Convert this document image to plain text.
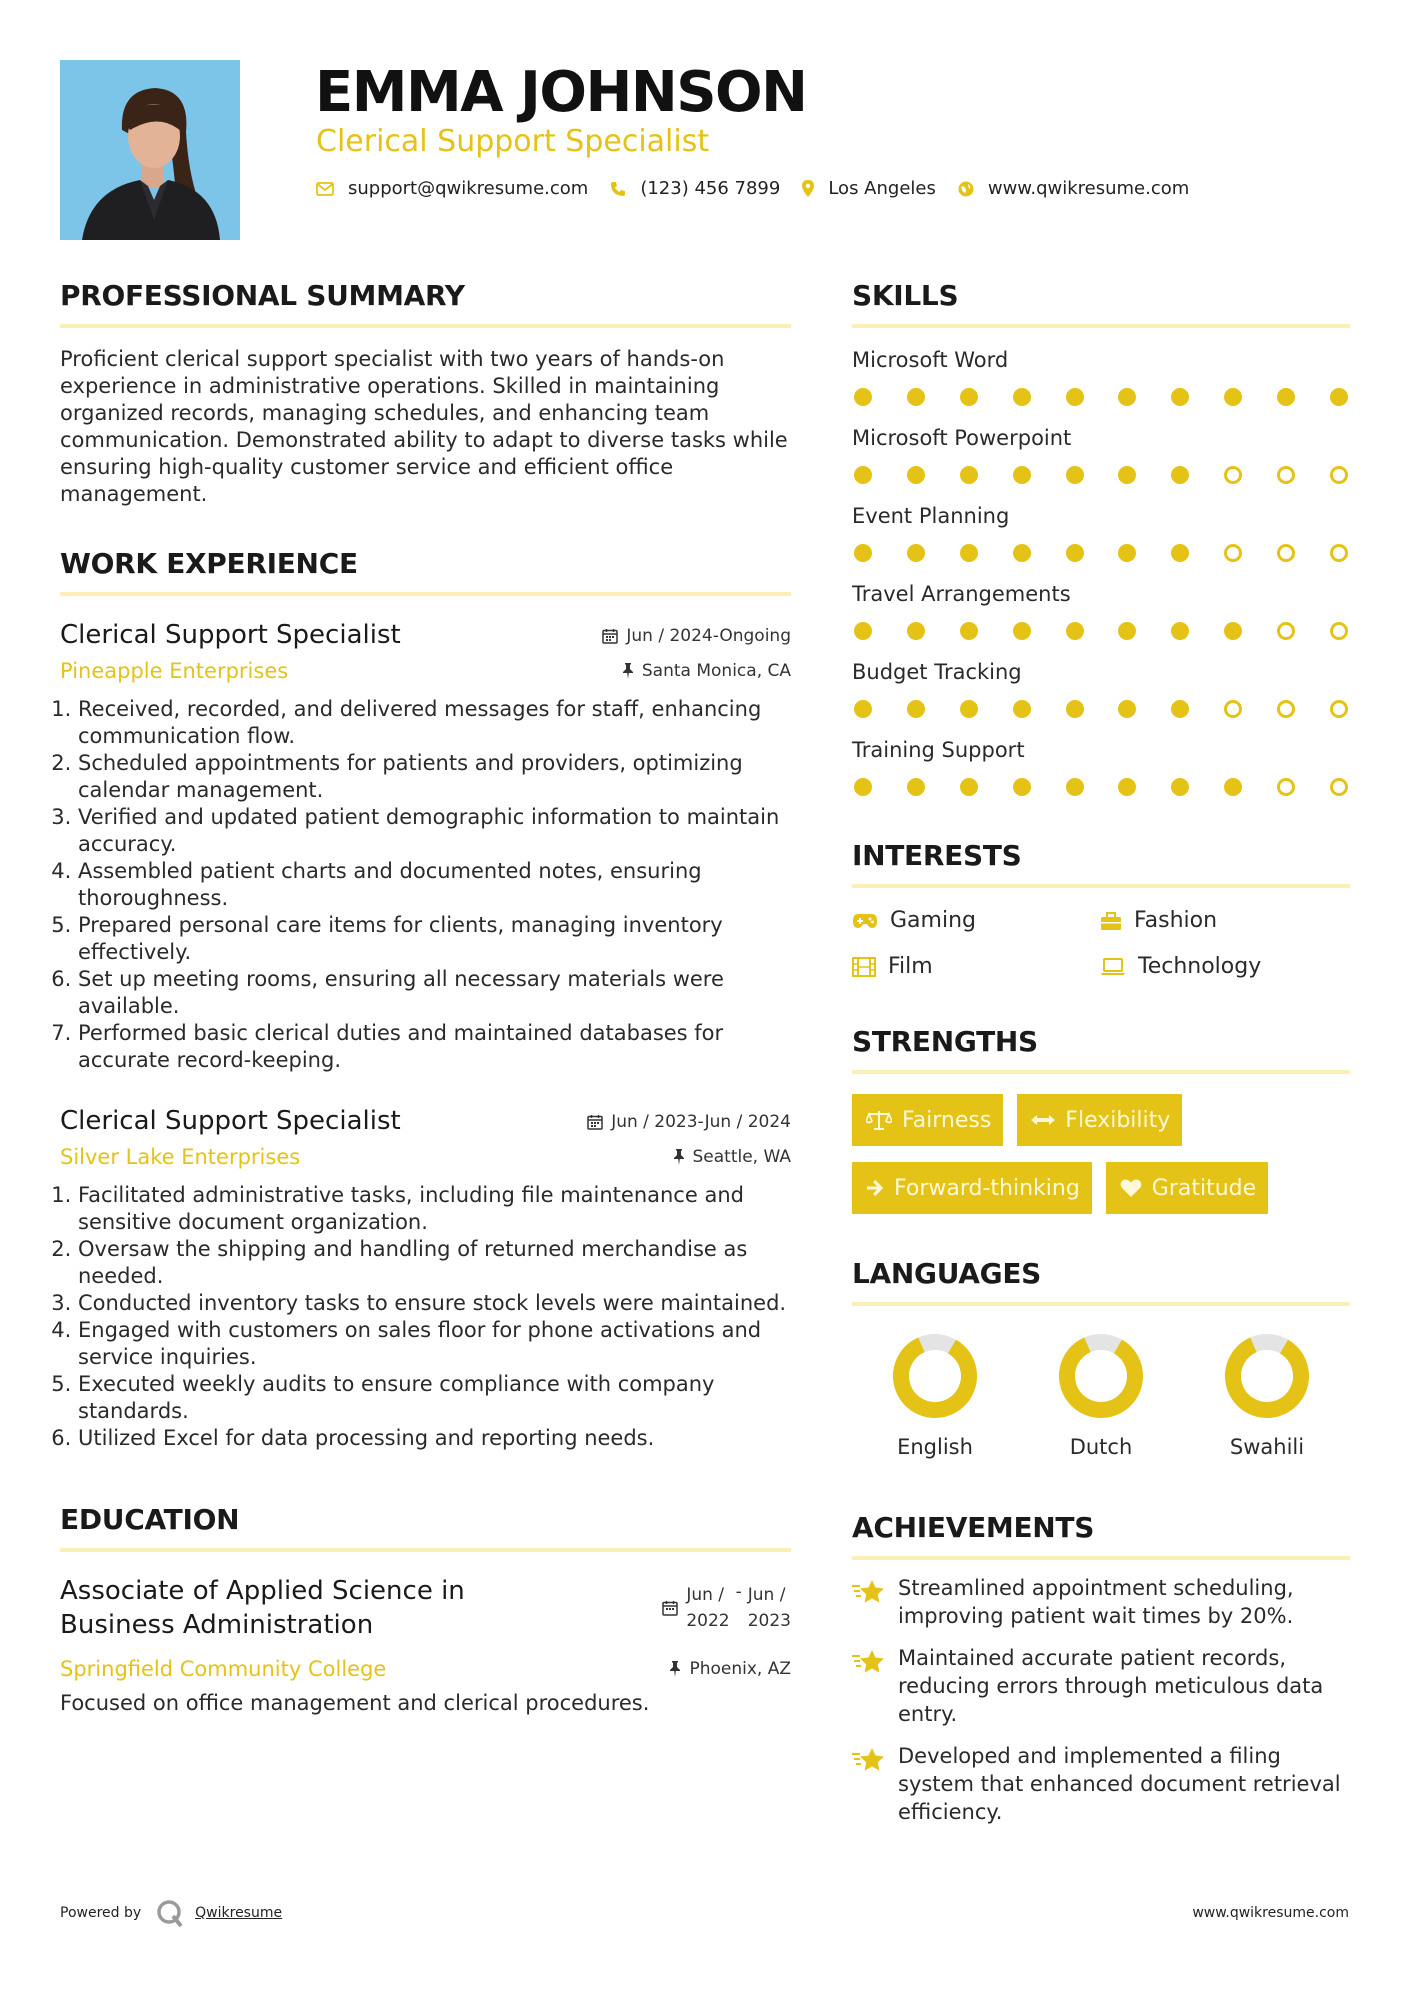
EMMA JOHNSON
Clerical Support Specialist
support@qwikresume.com	(123) 456 7899	Los Angeles	www.qwikresume.com
PROFESSIONAL SUMMARY

Proficient clerical support specialist with two years of hands-on experience in administrative operations. Skilled in maintaining organized records, managing schedules, and enhancing team communication. Demonstrated ability to adapt to diverse tasks while ensuring high-quality customer service and efficient office management.

WORK EXPERIENCE
Clerical Support Specialist	Jun / 2024-Ongoing
Pineapple Enterprises	Santa Monica, CA
1. Received, recorded, and delivered messages for staff, enhancing communication flow.
2. Scheduled appointments for patients and providers, optimizing calendar management.
3. Verified and updated patient demographic information to maintain accuracy.
4. Assembled patient charts and documented notes, ensuring thoroughness.
5. Prepared personal care items for clients, managing inventory effectively.
6. Set up meeting rooms, ensuring all necessary materials were available.
7. Performed basic clerical duties and maintained databases for accurate record-keeping.
Clerical Support Specialist	Jun / 2023-Jun / 2024
Silver Lake Enterprises	Seattle, WA
1. Facilitated administrative tasks, including file maintenance and sensitive document organization.
2. Oversaw the shipping and handling of returned merchandise as needed.
3. Conducted inventory tasks to ensure stock levels were maintained.
4. Engaged with customers on sales floor for phone activations and service inquiries.
5. Executed weekly audits to ensure compliance with company standards.
6. Utilized Excel for data processing and reporting needs.
EDUCATION
Associate of Applied Science in
Business Administration
Jun /
2022
- Jun /
2023
Springfield Community College	Phoenix, AZ

Focused on office management and clerical procedures.

SKILLS
Microsoft Word
Microsoft Powerpoint
Event Planning
Travel Arrangements
Budget Tracking
Training Support
INTERESTS
Gaming	Fashion
Film	Technology
STRENGTHS
Fairness	Flexibility
Forward-thinking	Gratitude
LANGUAGES
English	Dutch	Swahili
ACHIEVEMENTS
Streamlined appointment scheduling, improving patient wait times by 20%.
Maintained accurate patient records, reducing errors through meticulous data entry.
Developed and implemented a filing system that enhanced document retrieval efficiency.
Powered by	Qwikresume	www.qwikresume.com
